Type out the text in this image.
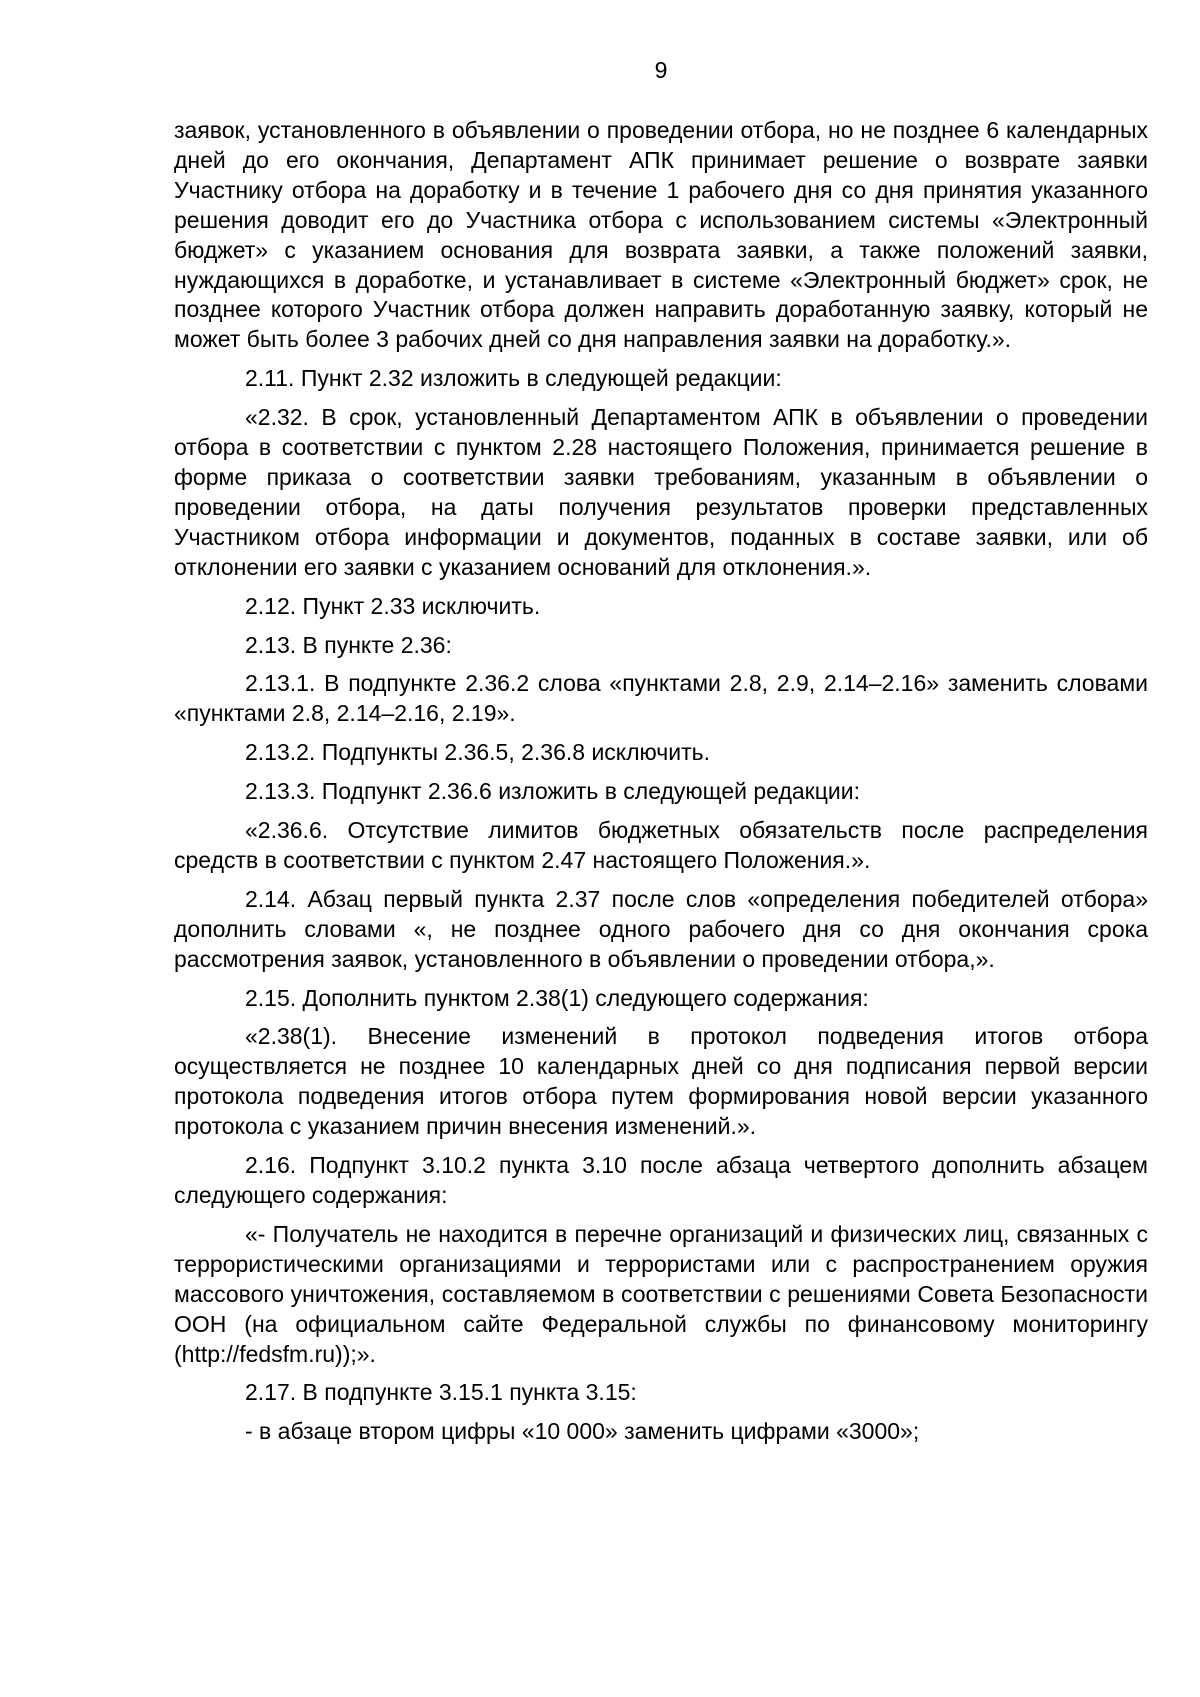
9

заявок, установленного в объявлении о проведении отбора, но не позднее 6 календарных дней до его окончания, Департамент АПК принимает решение о возврате заявки Участнику отбора на доработку и в течение 1 рабочего дня со дня принятия указанного решения доводит его до Участника отбора с использованием системы «Электронный бюджет» с указанием основания для возврата заявки, а также положений заявки, нуждающихся в доработке, и устанавливает в системе «Электронный бюджет» срок, не позднее которого Участник отбора должен направить доработанную заявку, который не может быть более 3 рабочих дней со дня направления заявки на доработку.».

2.11. Пункт 2.32 изложить в следующей редакции:

«2.32. В срок, установленный Департаментом АПК в объявлении о проведении отбора в соответствии с пунктом 2.28 настоящего Положения, принимается решение в форме приказа о соответствии заявки требованиям, указанным в объявлении о проведении отбора, на даты получения результатов проверки представленных Участником отбора информации и документов, поданных в составе заявки, или об отклонении его заявки с указанием оснований для отклонения.».

2.12. Пункт 2.33 исключить.

2.13. В пункте 2.36:

2.13.1. В подпункте 2.36.2 слова «пунктами 2.8, 2.9, 2.14–2.16» заменить словами «пунктами 2.8, 2.14–2.16, 2.19».

2.13.2. Подпункты 2.36.5, 2.36.8 исключить.

2.13.3. Подпункт 2.36.6 изложить в следующей редакции:

«2.36.6. Отсутствие лимитов бюджетных обязательств после распределения средств в соответствии с пунктом 2.47 настоящего Положения.».

2.14. Абзац первый пункта 2.37 после слов «определения победителей отбора» дополнить словами «, не позднее одного рабочего дня со дня окончания срока рассмотрения заявок, установленного в объявлении о проведении отбора,».

2.15. Дополнить пунктом 2.38(1) следующего содержания:

«2.38(1). Внесение изменений в протокол подведения итогов отбора осуществляется не позднее 10 календарных дней со дня подписания первой версии протокола подведения итогов отбора путем формирования новой версии указанного протокола с указанием причин внесения изменений.».

2.16. Подпункт 3.10.2 пункта 3.10 после абзаца четвертого дополнить абзацем следующего содержания:

«- Получатель не находится в перечне организаций и физических лиц, связанных с террористическими организациями и террористами или с распространением оружия массового уничтожения, составляемом в соответствии с решениями Совета Безопасности ООН (на официальном сайте Федеральной службы по финансовому мониторингу (http://fedsfm.ru));».

2.17. В подпункте 3.15.1 пункта 3.15:

- в абзаце втором цифры «10 000» заменить цифрами «3000»;
